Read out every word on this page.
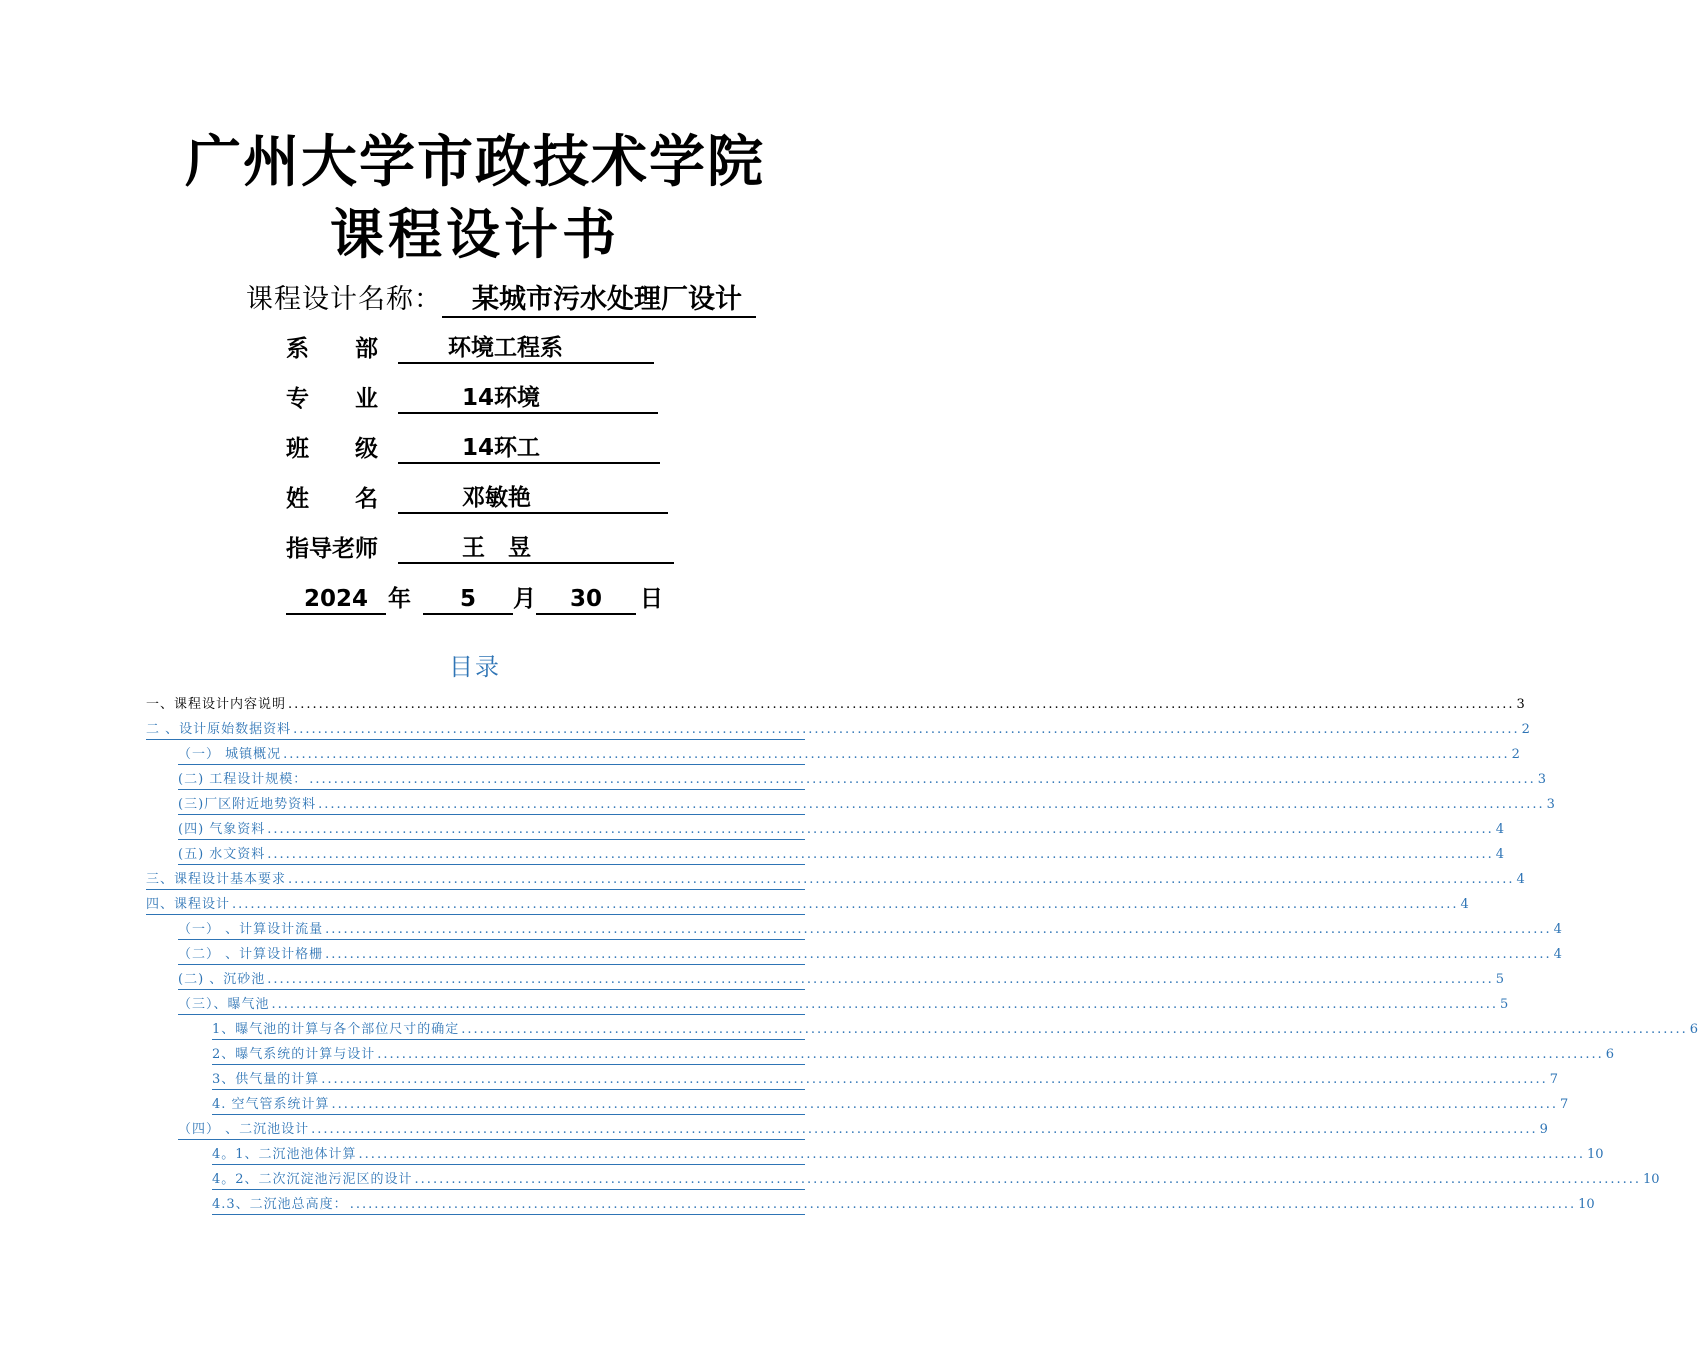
广州大学市政技术学院
课程设计书
课程设计名称： 某城市污水处理厂设计
系　　部	环境工程系
专　　业	14环境
班　　级	14环工
姓　　名	邓敏艳
指导老师	王　昱
2024 年 5 月 30 日
目录
一、课程设计内容说明 ........................................................................................................................................................................................................ 3
二 、设计原始数据资料 ........................................................................................................................................................................................................ 2
（一） 城镇概况 ........................................................................................................................................................................................................ 2
(二) 工程设计规模： ........................................................................................................................................................................................................ 3
(三)厂区附近地势资料 ........................................................................................................................................................................................................ 3
(四) 气象资料 ........................................................................................................................................................................................................ 4
(五) 水文资料 ........................................................................................................................................................................................................ 4
三、课程设计基本要求 ........................................................................................................................................................................................................ 4
四、课程设计 ........................................................................................................................................................................................................ 4
（一） 、计算设计流量 ........................................................................................................................................................................................................ 4
（二） 、计算设计格栅 ........................................................................................................................................................................................................ 4
(二) 、沉砂池 ........................................................................................................................................................................................................ 5
（三）、曝气池 ........................................................................................................................................................................................................ 5
1、曝气池的计算与各个部位尺寸的确定 ........................................................................................................................................................................................................ 6
2、曝气系统的计算与设计 ........................................................................................................................................................................................................ 6
3、供气量的计算 ........................................................................................................................................................................................................ 7
4. 空气管系统计算 ........................................................................................................................................................................................................ 7
（四） 、二沉池设计 ........................................................................................................................................................................................................ 9
4。1、二沉池池体计算 ........................................................................................................................................................................................................ 10
4。2、二次沉淀池污泥区的设计 ........................................................................................................................................................................................................ 10
4.3、二沉池总高度： ........................................................................................................................................................................................................ 10
